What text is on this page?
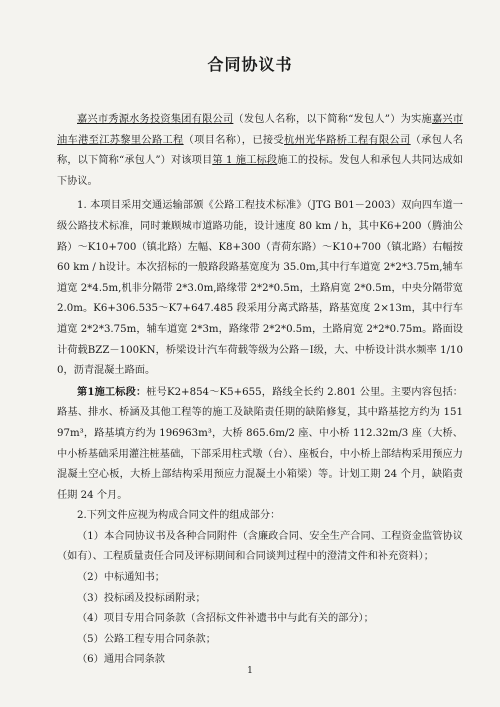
合同协议书

嘉兴市秀源水务投资集团有限公司（发包人名称，以下简称“发包人”）为实施嘉兴市油车港至江苏黎里公路工程（项目名称），已接受杭州光华路桥工程有限公司（承包人名称，以下简称“承包人”）对该项目第 1 施工标段施工的投标。发包人和承包人共同达成如下协议。

1. 本项目采用交通运输部颁《公路工程技术标准》（JTG B01－2003）双向四车道一级公路技术标准，同时兼顾城市道路功能，设计速度 80 km / h，其中K6+200（腾油公路）～K10+700（镇北路）左幅、K8+300（青荷东路）～K10+700（镇北路）右幅按 60 km / h设计。本次招标的一般路段路基宽度为 35.0m,其中行车道宽 2*2*3.75m,辅车道宽 2*4.5m,机非分隔带 2*3.0m,路缘带 2*2*0.5m，土路肩宽 2*0.5m，中央分隔带宽 2.0m。K6+306.535～K7+647.485 段采用分离式路基，路基宽度 2×13m，其中行车道宽 2*2*3.75m，辅车道宽 2*3m，路缘带 2*2*0.5m，土路肩宽 2*2*0.75m。路面设计荷载BZZ－100KN，桥梁设计汽车荷载等级为公路－Ⅰ级，大、中桥设计洪水频率 1/100，沥青混凝土路面。

第1施工标段：桩号K2+854～K5+655，路线全长约 2.801 公里。主要内容包括：路基、排水、桥涵及其他工程等的施工及缺陷责任期的缺陷修复，其中路基挖方约为 15197m³，路基填方约为 196963m³，大桥 865.6m/2 座、中小桥 112.32m/3 座（大桥、中小桥基础采用灌注桩基础，下部采用柱式墩（台）、座板台，中小桥上部结构采用预应力混凝土空心板，大桥上部结构采用预应力混凝土小箱梁）等。计划工期 24 个月，缺陷责任期 24 个月。

2.下列文件应视为构成合同文件的组成部分：

（1）本合同协议书及各种合同附件（含廉政合同、安全生产合同、工程资金监管协议（如有）、工程质量责任合同及评标期间和合同谈判过程中的澄清文件和补充资料）；

（2）中标通知书；

（3）投标函及投标函附录；

（4）项目专用合同条款（含招标文件补遗书中与此有关的部分）；

（5）公路工程专用合同条款；

（6）通用合同条款

1
